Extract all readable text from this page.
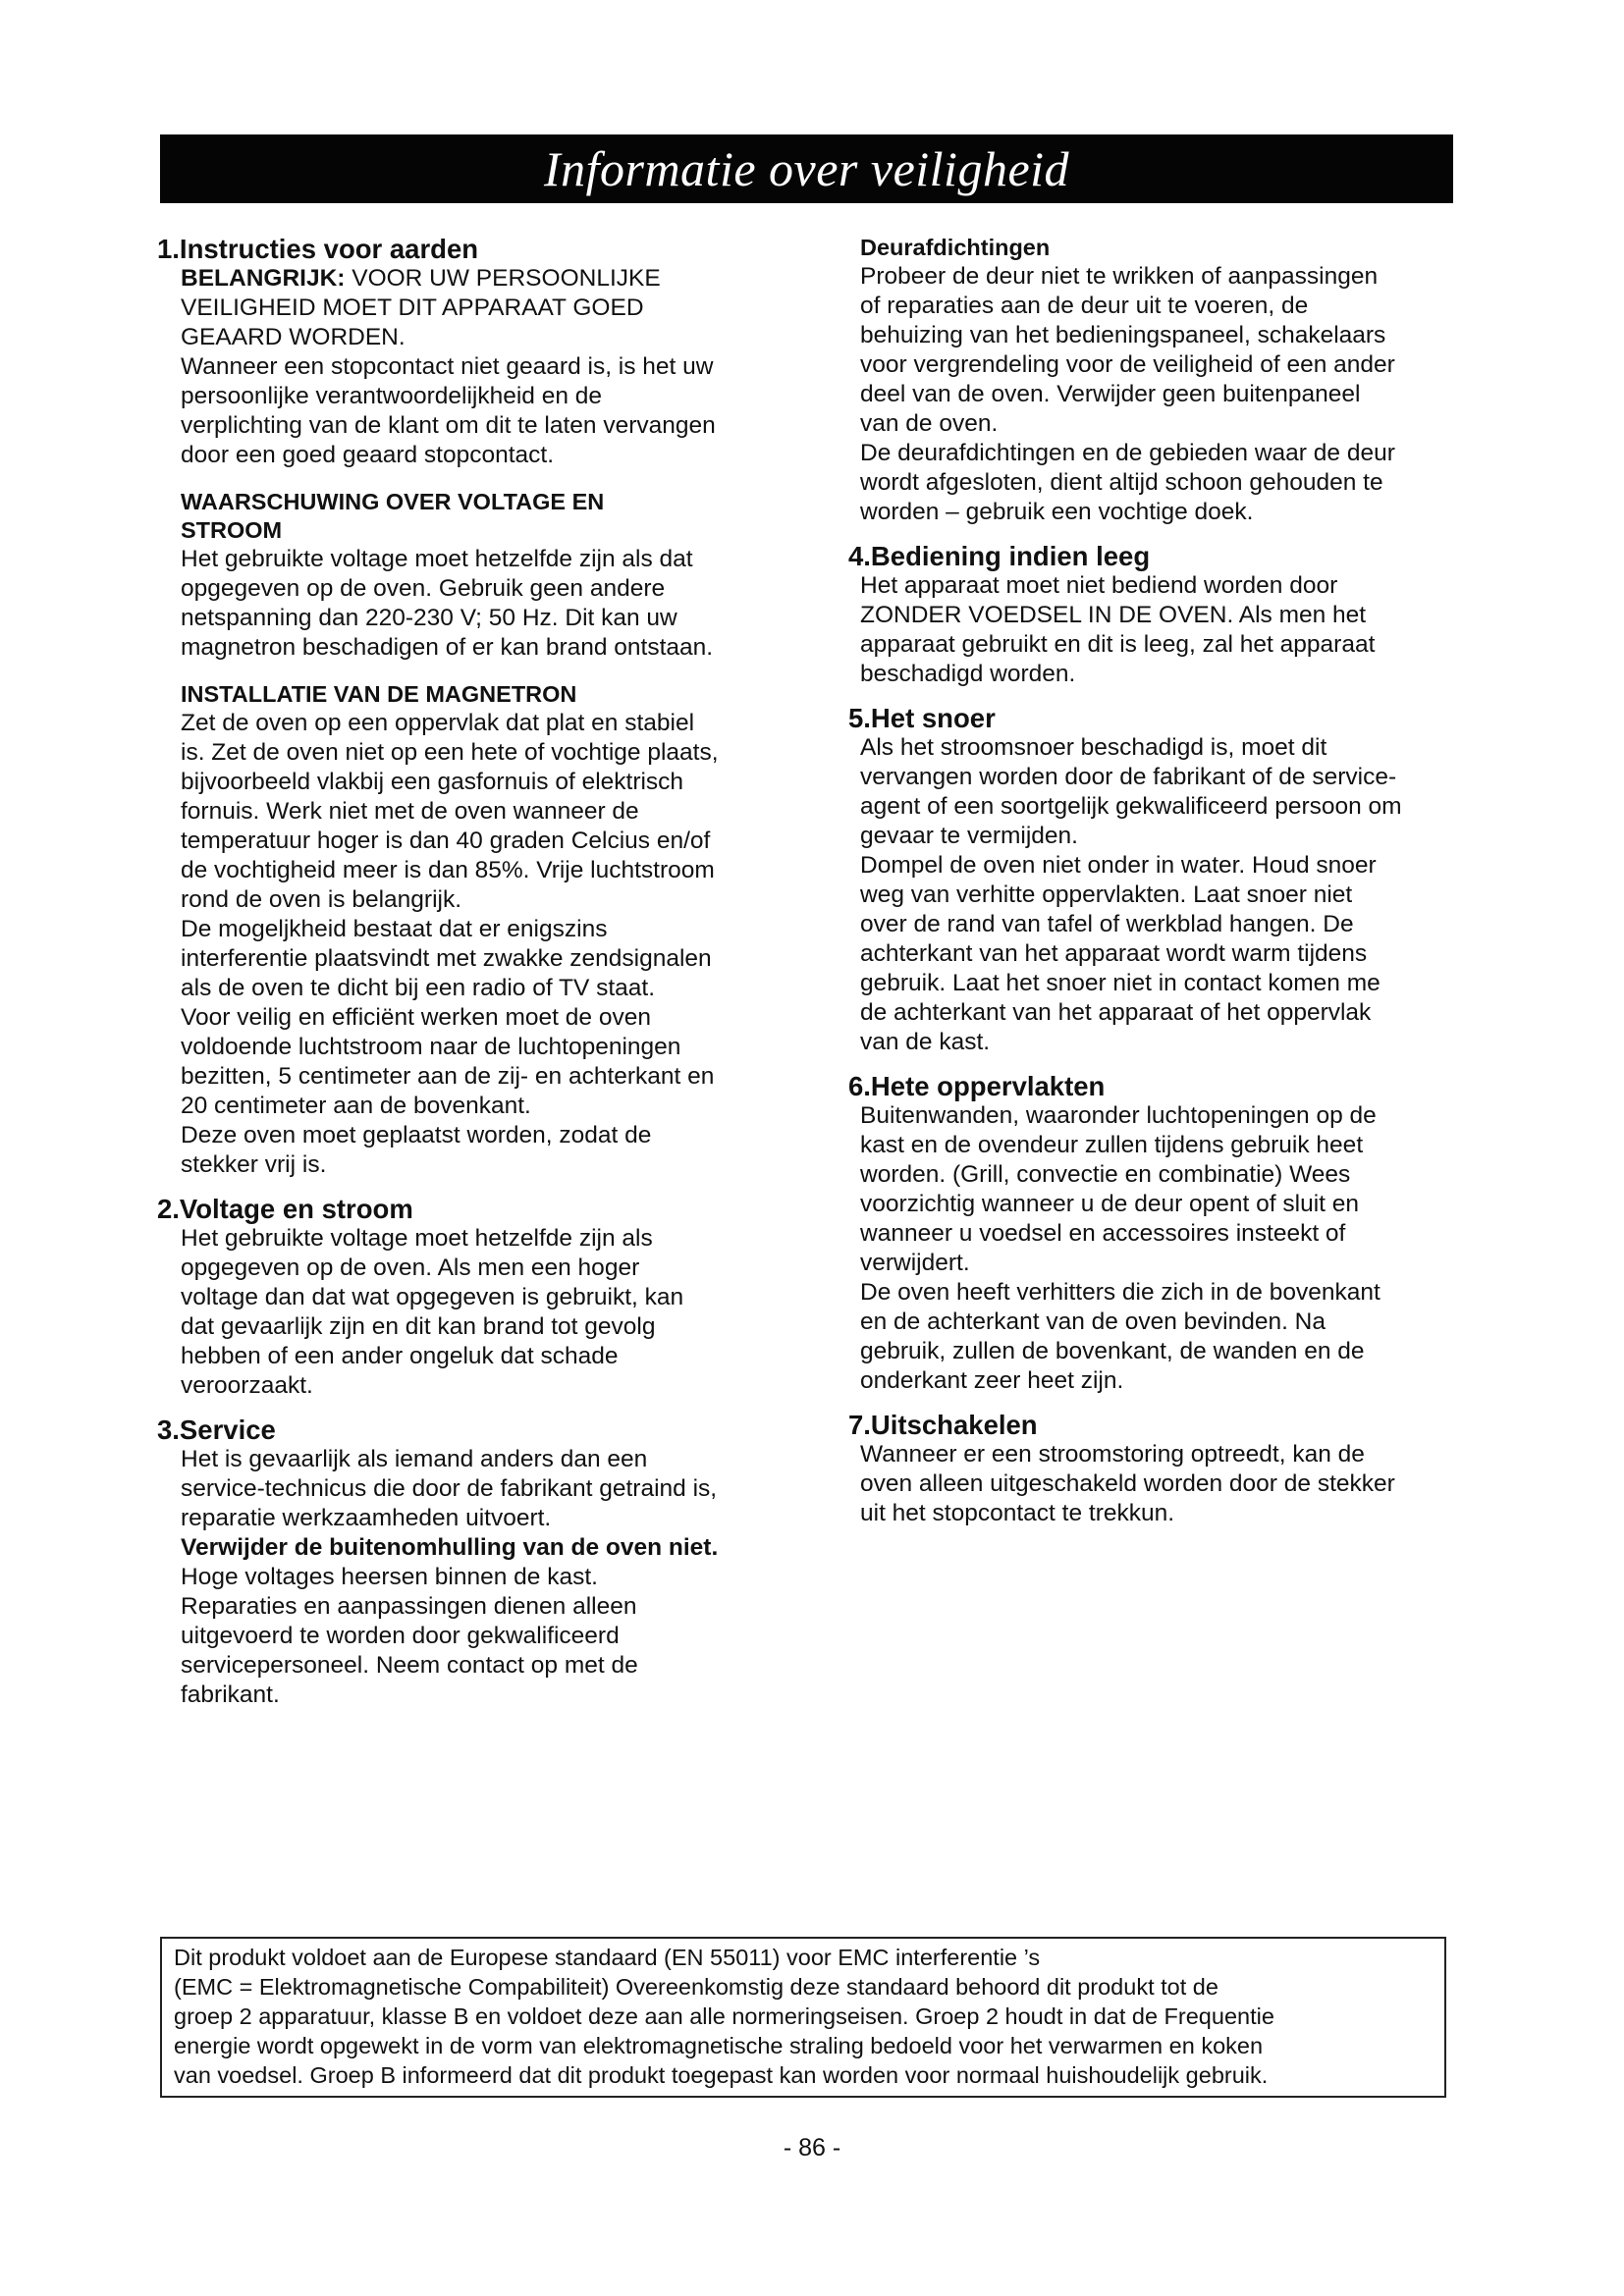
Informatie over veiligheid
1.Instructies voor aarden
BELANGRIJK: VOOR UW PERSOONLIJKE
VEILIGHEID MOET DIT APPARAAT GOED
GEAARD WORDEN.
Wanneer een stopcontact niet geaard is, is het uw
persoonlijke verantwoordelijkheid en de
verplichting van de klant om dit te laten vervangen
door een goed geaard stopcontact.
WAARSCHUWING OVER VOLTAGE EN
STROOM
Het gebruikte voltage moet hetzelfde zijn als dat
opgegeven op de oven. Gebruik geen andere
netspanning dan 220-230 V; 50 Hz. Dit kan uw
magnetron beschadigen of er kan brand ontstaan.
INSTALLATIE VAN DE MAGNETRON
Zet de oven op een oppervlak dat plat en stabiel
is. Zet de oven niet op een hete of vochtige plaats,
bijvoorbeeld vlakbij een gasfornuis of elektrisch
fornuis. Werk niet met de oven wanneer de
temperatuur hoger is dan 40 graden Celcius en/of
de vochtigheid meer is dan 85%. Vrije luchtstroom
rond de oven is belangrijk.
De mogeljkheid bestaat dat er enigszins
interferentie plaatsvindt met zwakke zendsignalen
als de oven te dicht bij een radio of TV staat.
Voor veilig en efficiënt werken moet de oven
voldoende luchtstroom naar de luchtopeningen
bezitten, 5 centimeter aan de zij- en achterkant en
20 centimeter aan de bovenkant.
Deze oven moet geplaatst worden, zodat de
stekker vrij is.
2.Voltage en stroom
Het gebruikte voltage moet hetzelfde zijn als
opgegeven op de oven. Als men een hoger
voltage dan dat wat opgegeven is gebruikt, kan
dat gevaarlijk zijn en dit kan brand tot gevolg
hebben of een ander ongeluk dat schade
veroorzaakt.
3.Service
Het is gevaarlijk als iemand anders dan een
service-technicus die door de fabrikant getraind is,
reparatie werkzaamheden uitvoert.
Verwijder de buitenomhulling van de oven niet.
Hoge voltages heersen binnen de kast.
Reparaties en aanpassingen dienen alleen
uitgevoerd te worden door gekwalificeerd
servicepersoneel. Neem contact op met de
fabrikant.
Deurafdichtingen
Probeer de deur niet te wrikken of aanpassingen
of reparaties aan de deur uit te voeren, de
behuizing van het bedieningspaneel, schakelaars
voor vergrendeling voor de veiligheid of een ander
deel van de oven. Verwijder geen buitenpaneel
van de oven.
De deurafdichtingen en de gebieden waar de deur
wordt afgesloten, dient altijd schoon gehouden te
worden – gebruik een vochtige doek.
4.Bediening indien leeg
Het apparaat moet niet bediend worden door
ZONDER VOEDSEL IN DE OVEN. Als men het
apparaat gebruikt en dit is leeg, zal het apparaat
beschadigd worden.
5.Het snoer
Als het stroomsnoer beschadigd is, moet dit
vervangen worden door de fabrikant of de service-
agent of een soortgelijk gekwalificeerd persoon om
gevaar te vermijden.
Dompel de oven niet onder in water. Houd snoer
weg van verhitte oppervlakten. Laat snoer niet
over de rand van tafel of werkblad hangen. De
achterkant van het apparaat wordt warm tijdens
gebruik. Laat het snoer niet in contact komen me
de achterkant van het apparaat of het oppervlak
van de kast.
6.Hete oppervlakten
Buitenwanden, waaronder luchtopeningen op de
kast en de ovendeur zullen tijdens gebruik heet
worden. (Grill, convectie en combinatie) Wees
voorzichtig wanneer u de deur opent of sluit en
wanneer u voedsel en accessoires insteekt of
verwijdert.
De oven heeft verhitters die zich in de bovenkant
en de achterkant van de oven bevinden. Na
gebruik, zullen de bovenkant, de wanden en de
onderkant zeer heet zijn.
7.Uitschakelen
Wanneer er een stroomstoring optreedt, kan de
oven alleen uitgeschakeld worden door de stekker
uit het stopcontact te trekkun.
Dit produkt voldoet aan de Europese standaard (EN 55011) voor EMC interferentie ’s
(EMC = Elektromagnetische Compabiliteit) Overeenkomstig deze standaard behoord dit produkt tot de
groep 2 apparatuur, klasse B en voldoet deze aan alle normeringseisen. Groep 2 houdt in dat de Frequentie
energie wordt opgewekt in de vorm van elektromagnetische straling bedoeld voor het verwarmen en koken
van voedsel. Groep B informeerd dat dit produkt toegepast kan worden voor normaal huishoudelijk gebruik.
- 86 -
